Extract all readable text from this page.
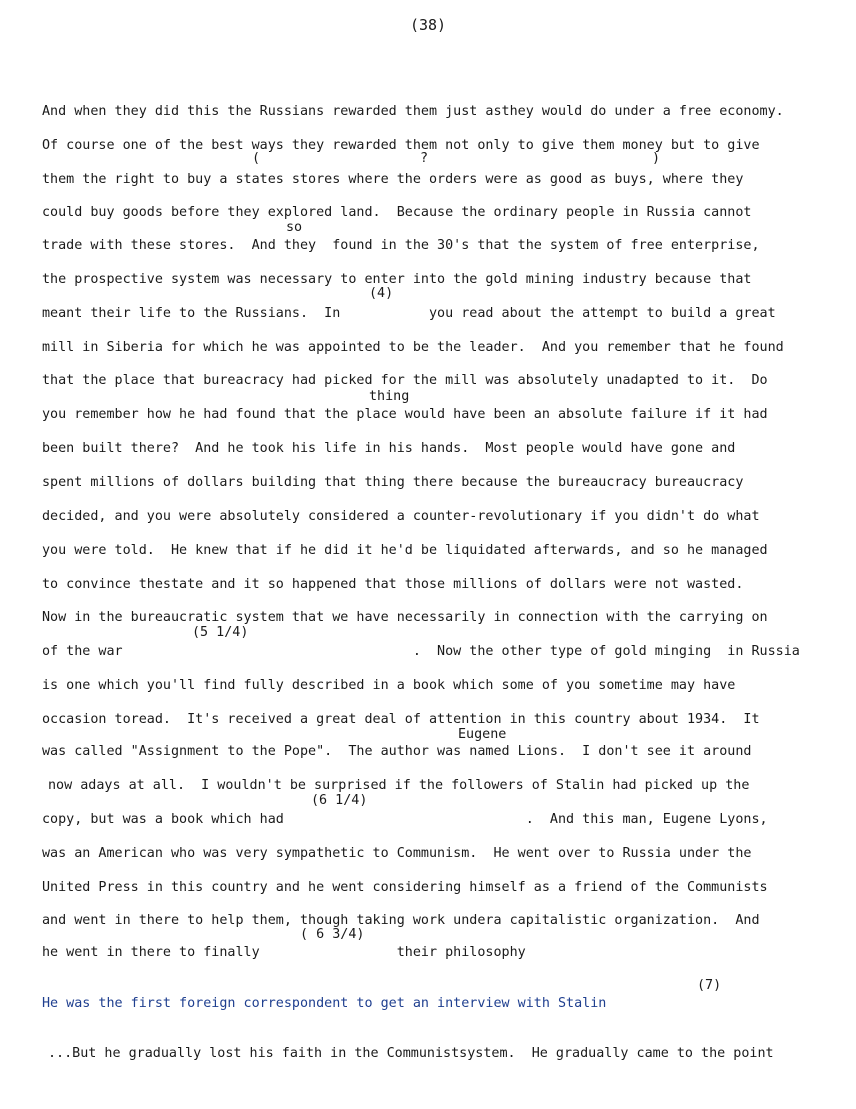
(38)
And when they did this the Russians rewarded them just asthey would do under a free economy.
Of course one of the best ways they rewarded them not only to give them money but to give
them the right to buy a states stores where the orders were as good as buys, where they
could buy goods before they explored land.  Because the ordinary people in Russia cannot
trade with these stores.  And they  found in the 30's that the system of free enterprise,
the prospective system was necessary to enter into the gold mining industry because that
meant their life to the Russians.  In           you read about the attempt to build a great
mill in Siberia for which he was appointed to be the leader.  And you remember that he found
that the place that bureacracy had picked for the mill was absolutely unadapted to it.  Do
you remember how he had found that the place would have been an absolute failure if it had
been built there?  And he took his life in his hands.  Most people would have gone and
spent millions of dollars building that thing there because the bureaucracy bureaucracy
decided, and you were absolutely considered a counter-revolutionary if you didn't do what
you were told.  He knew that if he did it he'd be liquidated afterwards, and so he managed
to convince thestate and it so happened that those millions of dollars were not wasted.
Now in the bureaucratic system that we have necessarily in connection with the carrying on
of the war                                    .  Now the other type of gold minging  in Russia
is one which you'll find fully described in a book which some of you sometime may have
occasion toread.  It's received a great deal of attention in this country about 1934.  It
was called "Assignment to the Pope".  The author was named Lions.  I don't see it around
now adays at all.  I wouldn't be surprised if the followers of Stalin had picked up the
copy, but was a book which had                              .  And this man, Eugene Lyons,
was an American who was very sympathetic to Communism.  He went over to Russia under the
United Press in this country and he went considering himself as a friend of the Communists
and went in there to help them, though taking work undera capitalistic organization.  And
he went in there to finally                 their philosophy
He was the first foreign correspondent to get an interview with Stalin
...But he gradually lost his faith in the Communistsystem.  He gradually came to the point
(	?	)
so
(4)
thing
(5 1/4)
Eugene
(6 1/4)
( 6 3/4)
(7)
